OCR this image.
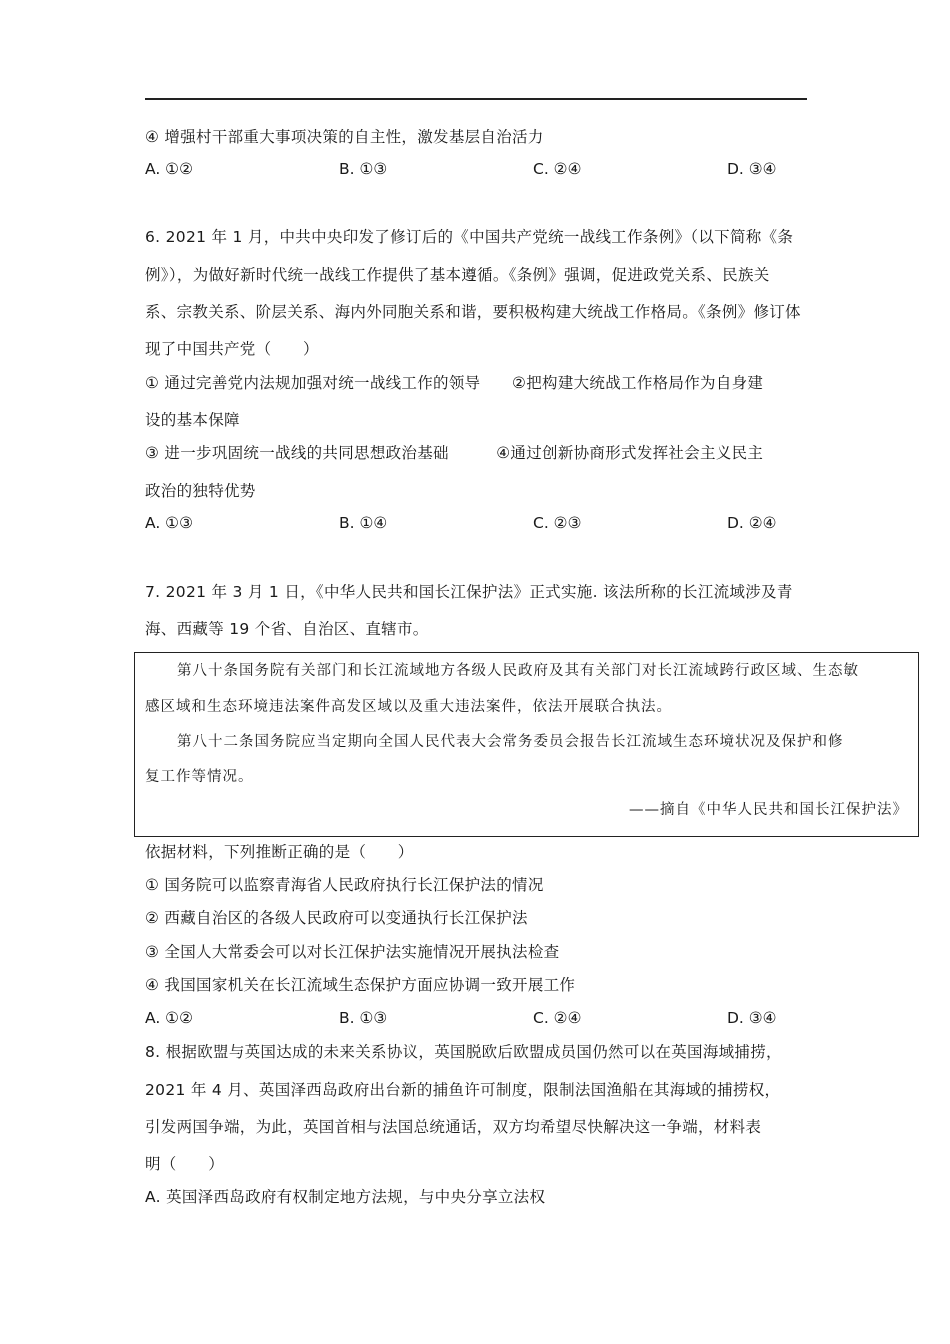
④ 增强村干部重大事项决策的自主性，激发基层自治活力
A. ①②	B. ①③	C. ②④	D. ③④
6. 2021 年 1 月，中共中央印发了修订后的《中国共产党统一战线工作条例》（以下简称《条
例》），为做好新时代统一战线工作提供了基本遵循。《条例》强调，促进政党关系、民族关
系、宗教关系、阶层关系、海内外同胞关系和谐，要积极构建大统战工作格局。《条例》修订体
现了中国共产党（　　）
① 通过完善党内法规加强对统一战线工作的领导　　②把构建大统战工作格局作为自身建
设的基本保障
③ 进一步巩固统一战线的共同思想政治基础　　　④通过创新协商形式发挥社会主义民主
政治的独特优势
A. ①③	B. ①④	C. ②③	D. ②④
7. 2021 年 3 月 1 日，《中华人民共和国长江保护法》正式实施. 该法所称的长江流域涉及青
海、西藏等 19 个省、自治区、直辖市。
第八十条国务院有关部门和长江流域地方各级人民政府及其有关部门对长江流域跨行政区域、生态敏
感区域和生态环境违法案件高发区域以及重大违法案件，依法开展联合执法。
第八十二条国务院应当定期向全国人民代表大会常务委员会报告长江流域生态环境状况及保护和修
复工作等情况。
——摘自《中华人民共和国长江保护法》
依据材料，下列推断正确的是（　　）
① 国务院可以监察青海省人民政府执行长江保护法的情况
② 西藏自治区的各级人民政府可以变通执行长江保护法
③ 全国人大常委会可以对长江保护法实施情况开展执法检查
④ 我国国家机关在长江流域生态保护方面应协调一致开展工作
A. ①②	B. ①③	C. ②④	D. ③④
8. 根据欧盟与英国达成的未来关系协议，英国脱欧后欧盟成员国仍然可以在英国海域捕捞，
2021 年 4 月、英国泽西岛政府出台新的捕鱼许可制度，限制法国渔船在其海域的捕捞权，
引发两国争端，为此，英国首相与法国总统通话，双方均希望尽快解决这一争端，材料表
明（　　）
A. 英国泽西岛政府有权制定地方法规，与中央分享立法权
